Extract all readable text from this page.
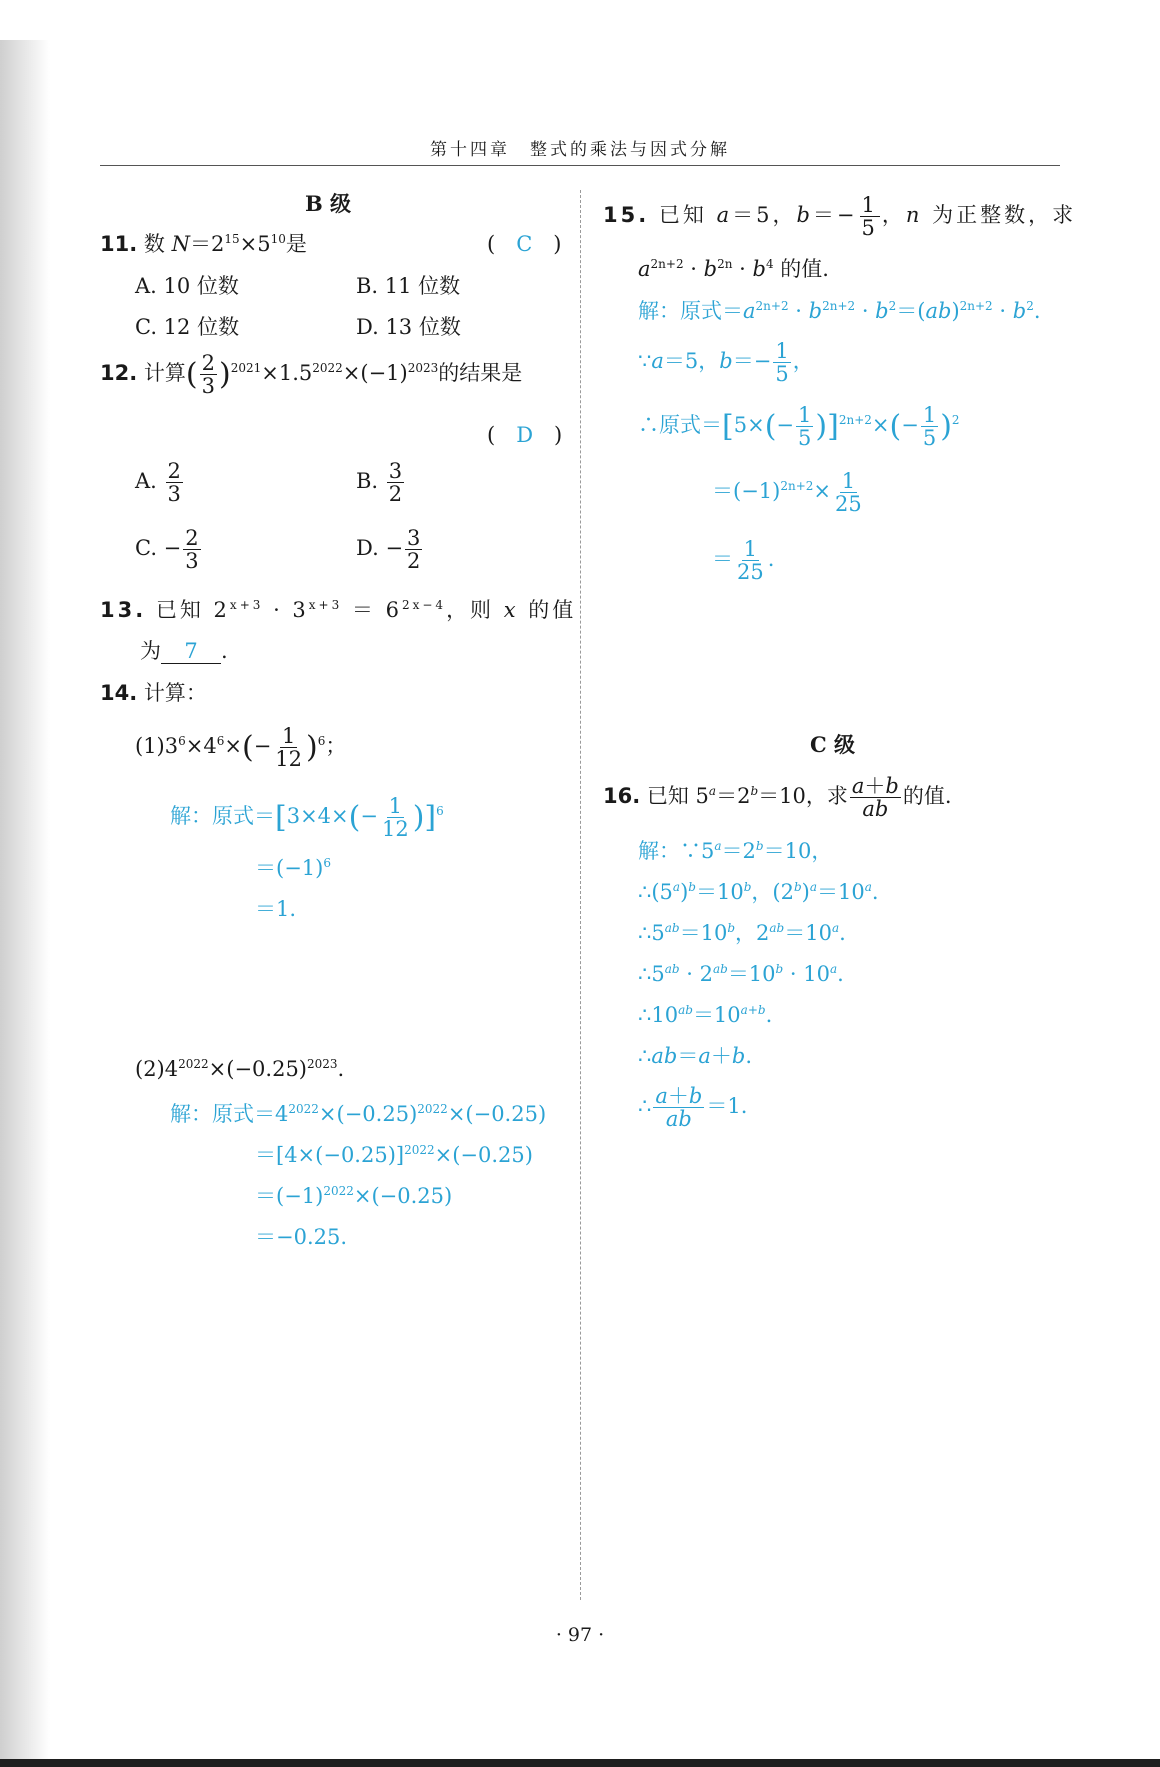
第十四章　整式的乘法与因式分解
B 级
11. 数 $N=2^{15}\times 5^{10}$是	(　C　)
A. 10 位数	B. 11 位数
C. 12 位数	D. 13 位数
12. 计算( $\frac{2}{3} )^{2021}\times 1.5^{2022}\times(-1)^{2023}$的结果是
(　D　)
A. $\frac{2}{3}$	B. $\frac{3}{2}$
C. − $\frac{2}{3}$	D. − $\frac{3}{2}$
13. 已知 $2^{x+3} \cdot 3^{x+3} = 6^{2x-4}$，则 x 的值
为 7 .
14. 计算：
$(1)3^6\times 4^6\times(- \frac{1}{12} )^6$；
解：原式$=[3\times 4\times(- \frac{1}{12} )]^6$
$=(-1)^6$
＝1.
$(2)4^{2022}\times(-0.25)^{2023}$.
解：原式$=4^{2022}\times(-0.25)^{2022}\times(-0.25)$
$=[4\times(-0.25)]^{2022}\times(-0.25)$
$=(-1)^{2022}\times(-0.25)$
＝−0.25.
15. 已知 a＝5，$b=- \frac{1}{5}$ ，n 为正整数，求
$a^{2n+2} \cdot b^{2n} \cdot b^4$ 的值.
解：原式$=a^{2n+2} \cdot b^{2n+2} \cdot b^2=(ab)^{2n+2} \cdot b^2$.
∵a＝5，$b=- \frac{1}{5}$ ，
∴原式$=[5\times(- \frac{1}{5} )]^{2n+2}\times(- \frac{1}{5} )^2$
$=(-1)^{2n+2}\times \frac{1}{25}$
＝ $\frac{1}{25}$ .
C 级
16. 已知 $5^a=2^b=10$，求 $\frac{a+b}{ab}$ 的值.
解：$\because 5^a=2^b=10$，
$\therefore(5^a)^b=10^b$，$(2^b)^a=10^a$.
$\therefore 5^{ab}=10^b$，$2^{ab}=10^a$.
$\therefore 5^{ab} \cdot 2^{ab}=10^b \cdot 10^a$.
$\therefore 10^{ab}=10^{a+b}$.
∴ab＝a＋b.
∴ $\frac{a+b}{ab} =1$.
· 97 ·
